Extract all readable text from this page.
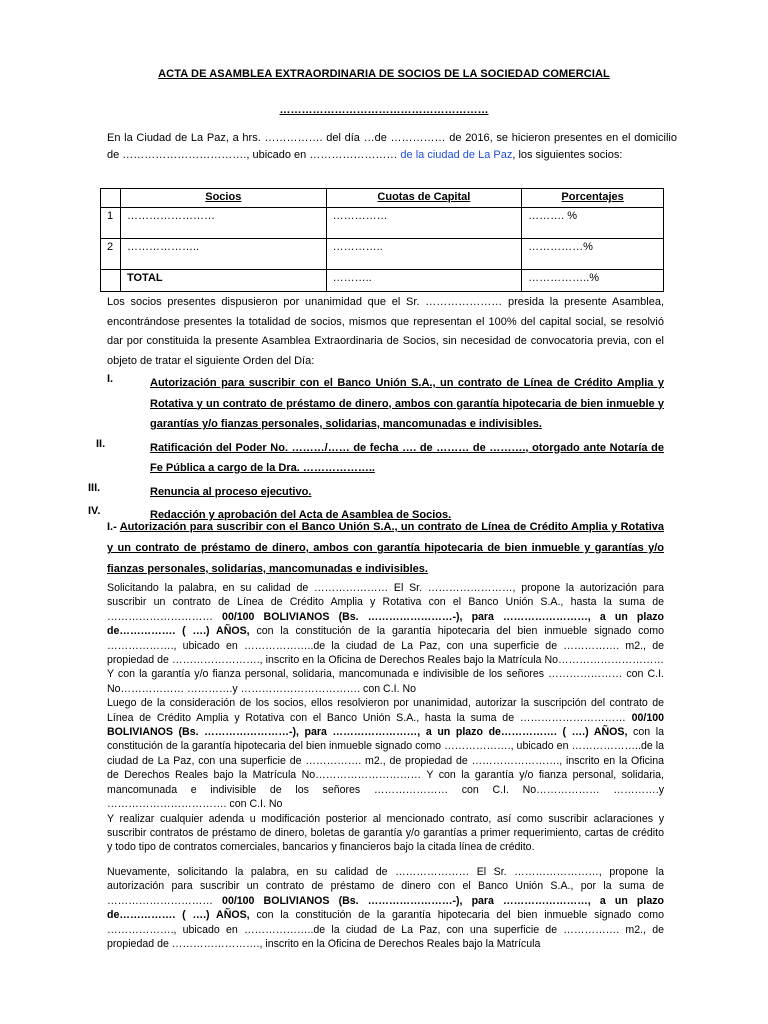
ACTA DE ASAMBLEA EXTRAORDINARIA DE SOCIOS DE LA SOCIEDAD COMERCIAL
…………………………………………………
En la Ciudad de La Paz, a hrs. ……………. del día …de …………… de 2016, se hicieron presentes en el domicilio de ……………………………., ubicado en …………………… de la ciudad de La Paz, los siguientes socios:
	Socios	Cuotas de Capital	Porcentajes
1	……………………	……………	………. %
2	………………..	…………..	……………%
	TOTAL	………..	……………..%
Los socios presentes dispusieron por unanimidad que el Sr. ………………… presida la presente Asamblea, encontrándose presentes la totalidad de socios, mismos que representan el 100% del capital social, se resolvió dar por constituida la presente Asamblea Extraordinaria de Socios, sin necesidad de convocatoria previa, con el objeto de tratar el siguiente Orden del Día:
I.	Autorización para suscribir con el Banco Unión S.A., un contrato de Línea de Crédito Amplia y Rotativa y un contrato de préstamo de dinero, ambos con garantía hipotecaria de bien inmueble y garantías y/o fianzas personales, solidarias, mancomunadas e indivisibles.
II.	Ratificación del Poder No. ………/…… de fecha …. de ……… de ………., otorgado ante Notaría de Fe Pública a cargo de la Dra. ………………..
III.	Renuncia al proceso ejecutivo.
IV.	Redacción y aprobación del Acta de Asamblea de Socios.
I.- Autorización para suscribir con el Banco Unión S.A., un contrato de Línea de Crédito Amplia y Rotativa y un contrato de préstamo de dinero, ambos con garantía hipotecaria de bien inmueble y garantías y/o fianzas personales, solidarias, mancomunadas e indivisibles.

Solicitando la palabra, en su calidad de ………………… El Sr. ……………………, propone la autorización para suscribir un contrato de Línea de Crédito Amplia y Rotativa con el Banco Unión S.A., hasta la suma de ………………………… 00/100 BOLIVIANOS (Bs. ……………………-), para ……………………, a un plazo de……………. ( ….) AÑOS, con la constitución de la garantía hipotecaria del bien inmueble signado como ………………., ubicado en ………………..de la ciudad de La Paz, con una superficie de ……………. m2., de propiedad de ……………………., inscrito en la Oficina de Derechos Reales bajo la Matrícula No………………………… Y con la garantía y/o fianza personal, solidaria, mancomunada e indivisible de los señores ………………… con C.I. No……………… ………….y ……………………………. con C.I. No

Luego de la consideración de los socios, ellos resolvieron por unanimidad, autorizar la suscripción del contrato de Línea de Crédito Amplia y Rotativa con el Banco Unión S.A., hasta la suma de ………………………… 00/100 BOLIVIANOS (Bs. ……………………-), para ……………………, a un plazo de……………. ( ….) AÑOS, con la constitución de la garantía hipotecaria del bien inmueble signado como ………………., ubicado en ………………..de la ciudad de La Paz, con una superficie de ……………. m2., de propiedad de ……………………., inscrito en la Oficina de Derechos Reales bajo la Matrícula No………………………… Y con la garantía y/o fianza personal, solidaria, mancomunada e indivisible de los señores ………………… con C.I. No……………… ………….y ……………………………. con C.I. No

Y realizar cualquier adenda u modificación posterior al mencionado contrato, así como suscribir aclaraciones y suscribir contratos de préstamo de dinero, boletas de garantía y/o garantías a primer requerimiento, cartas de crédito y todo tipo de contratos comerciales, bancarios y financieros bajo la citada línea de crédito.

Nuevamente, solicitando la palabra, en su calidad de ………………… El Sr. ……………………, propone la autorización para suscribir un contrato de préstamo de dinero con el Banco Unión S.A., por la suma de ………………………… 00/100 BOLIVIANOS (Bs. ……………………-), para ……………………, a un plazo de……………. ( ….) AÑOS, con la constitución de la garantía hipotecaria del bien inmueble signado como ………………., ubicado en ………………..de la ciudad de La Paz, con una superficie de ……………. m2., de propiedad de ……………………., inscrito en la Oficina de Derechos Reales bajo la Matrícula
